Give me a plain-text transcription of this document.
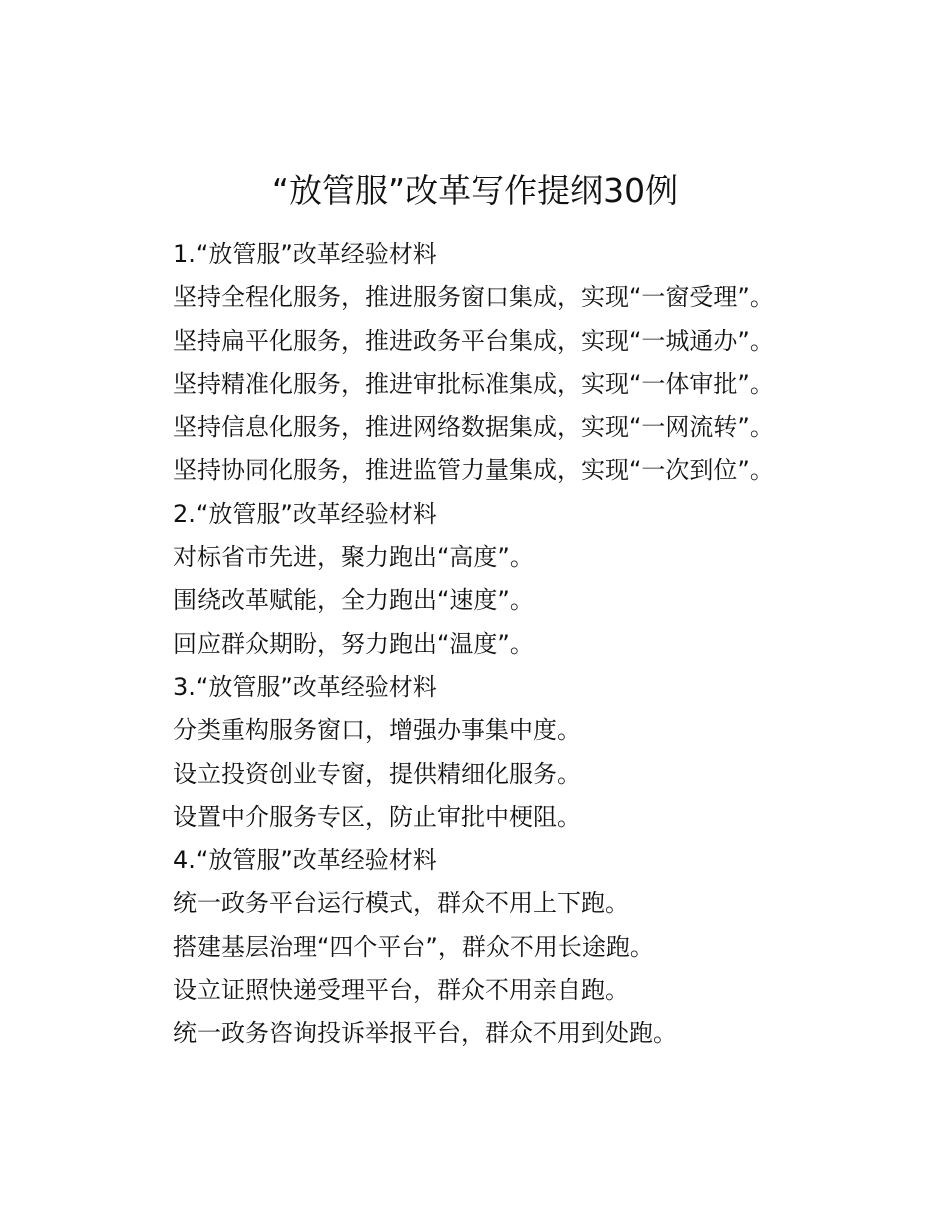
“放管服”改革写作提纲30例

1.“放管服”改革经验材料

坚持全程化服务，推进服务窗口集成，实现“一窗受理”。

坚持扁平化服务，推进政务平台集成，实现“一城通办”。

坚持精准化服务，推进审批标准集成，实现“一体审批”。

坚持信息化服务，推进网络数据集成，实现“一网流转”。

坚持协同化服务，推进监管力量集成，实现“一次到位”。

2.“放管服”改革经验材料

对标省市先进，聚力跑出“高度”。

围绕改革赋能，全力跑出“速度”。

回应群众期盼，努力跑出“温度”。

3.“放管服”改革经验材料

分类重构服务窗口，增强办事集中度。

设立投资创业专窗，提供精细化服务。

设置中介服务专区，防止审批中梗阻。

4.“放管服”改革经验材料

统一政务平台运行模式，群众不用上下跑。

搭建基层治理“四个平台”，群众不用长途跑。

设立证照快递受理平台，群众不用亲自跑。

统一政务咨询投诉举报平台，群众不用到处跑。
